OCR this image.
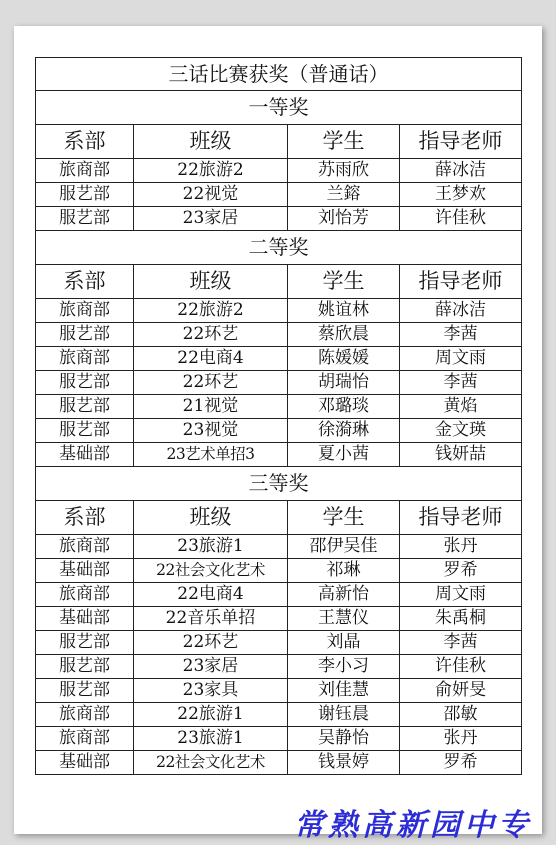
三话比赛获奖（普通话）			
一等奖			
系部	班级	学生	指导老师
旅商部	22旅游2	苏雨欣	薛冰洁
服艺部	22视觉	兰鎔	王梦欢
服艺部	23家居	刘怡芳	许佳秋
二等奖			
系部	班级	学生	指导老师
旅商部	22旅游2	姚谊林	薛冰洁
服艺部	22环艺	蔡欣晨	李茜
旅商部	22电商4	陈媛媛	周文雨
服艺部	22环艺	胡瑞怡	李茜
服艺部	21视觉	邓璐琰	黄焰
服艺部	23视觉	徐漪琳	金文瑛
基础部	23艺术单招3	夏小茜	钱妍喆
三等奖			
系部	班级	学生	指导老师
旅商部	23旅游1	邵伊吴佳	张丹
基础部	22社会文化艺术	祁琳	罗希
旅商部	22电商4	高新怡	周文雨
基础部	22音乐单招	王慧仪	朱禹桐
服艺部	22环艺	刘晶	李茜
服艺部	23家居	李小习	许佳秋
服艺部	23家具	刘佳慧	俞妍旻
旅商部	22旅游1	谢钰晨	邵敏
旅商部	23旅游1	吴静怡	张丹
基础部	22社会文化艺术	钱景婷	罗希
常熟高新园中专
